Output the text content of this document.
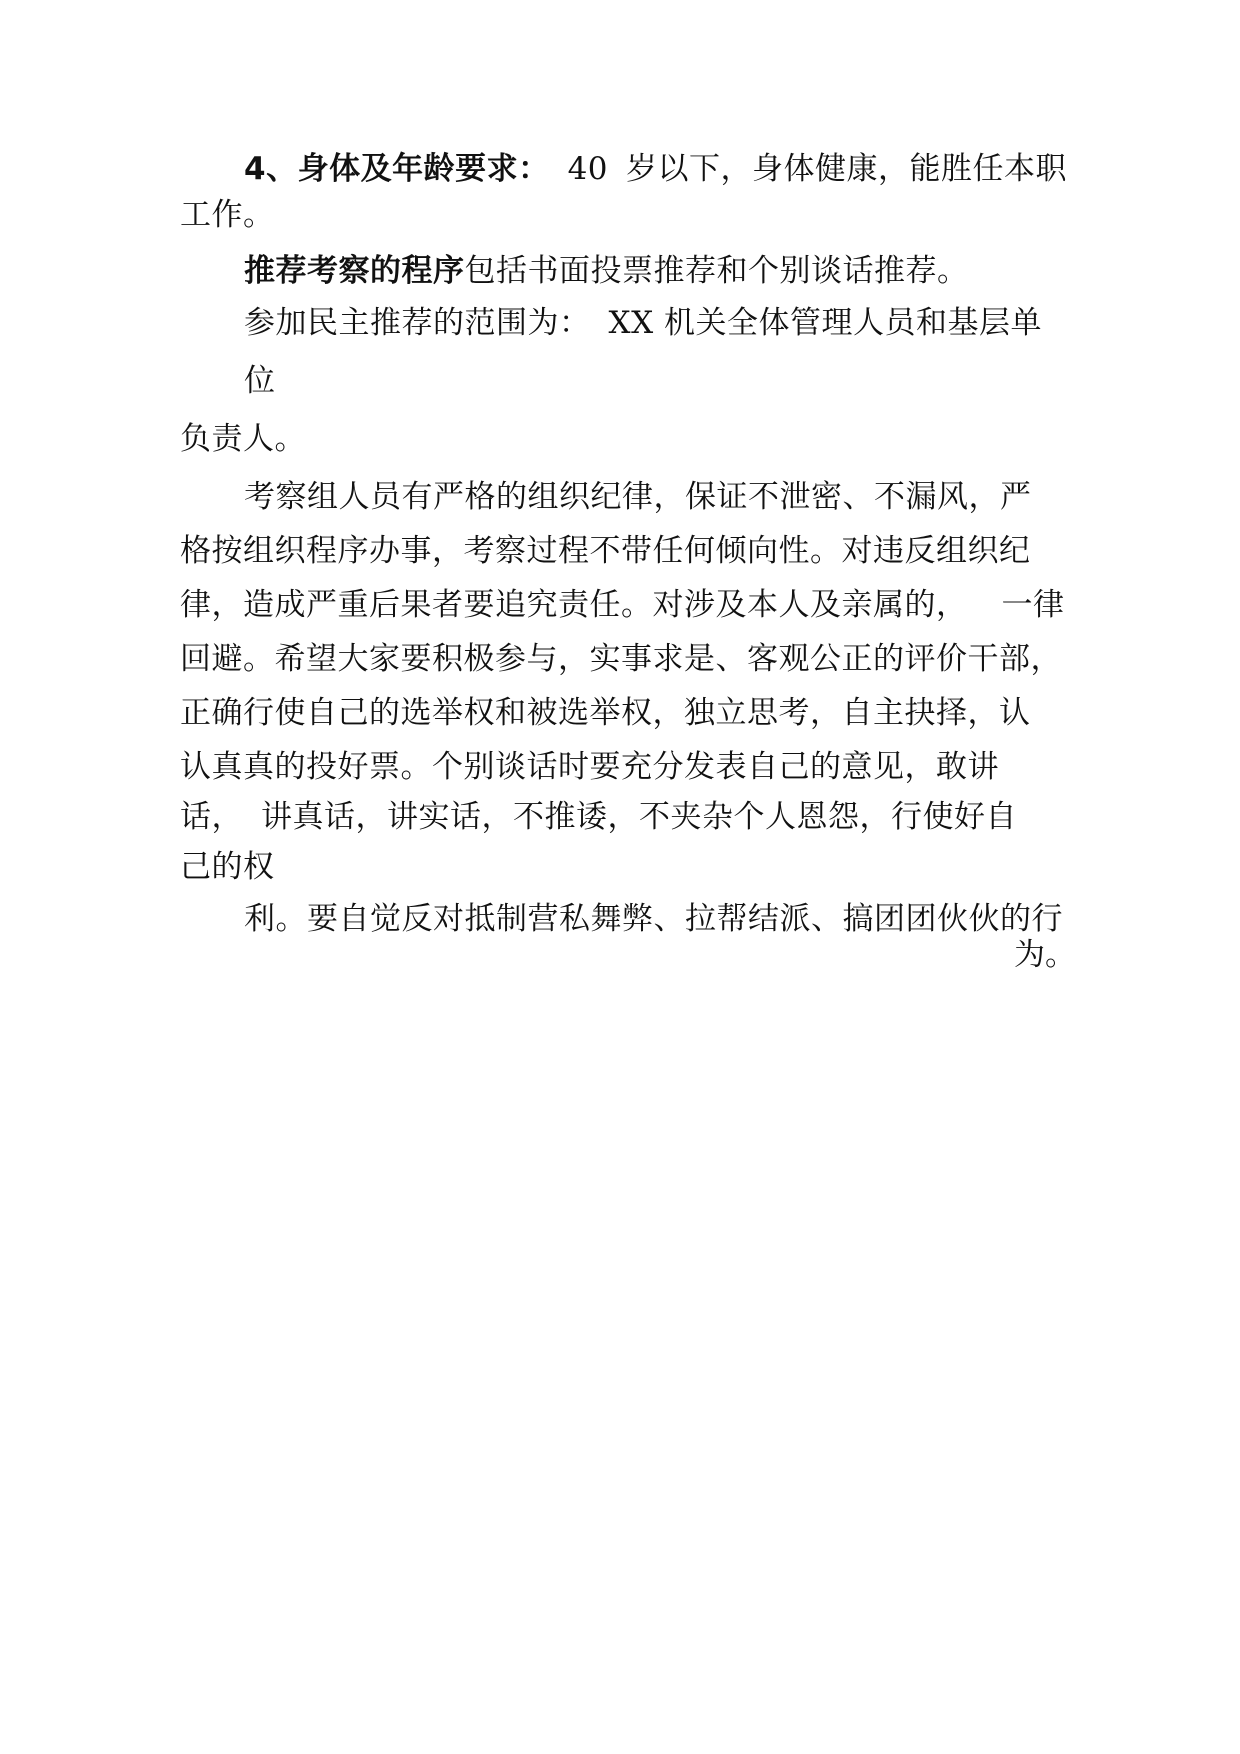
4、身体及年龄要求： 40 岁以下，身体健康，能胜任本职
工作。
推荐考察的程序包括书面投票推荐和个别谈话推荐。
参加民主推荐的范围为： XX 机关全体管理人员和基层单
位
负责人。
考察组人员有严格的组织纪律，保证不泄密、不漏风，严
格按组织程序办事，考察过程不带任何倾向性。对违反组织纪
律，造成严重后果者要追究责任。对涉及本人及亲属的， 一律
回避。希望大家要积极参与，实事求是、客观公正的评价干部，
正确行使自己的选举权和被选举权，独立思考，自主抉择，认
认真真的投好票。个别谈话时要充分发表自己的意见，敢讲
话， 讲真话，讲实话，不推诿，不夹杂个人恩怨，行使好自
己的权
利。要自觉反对抵制营私舞弊、拉帮结派、搞团团伙伙的行
为。
